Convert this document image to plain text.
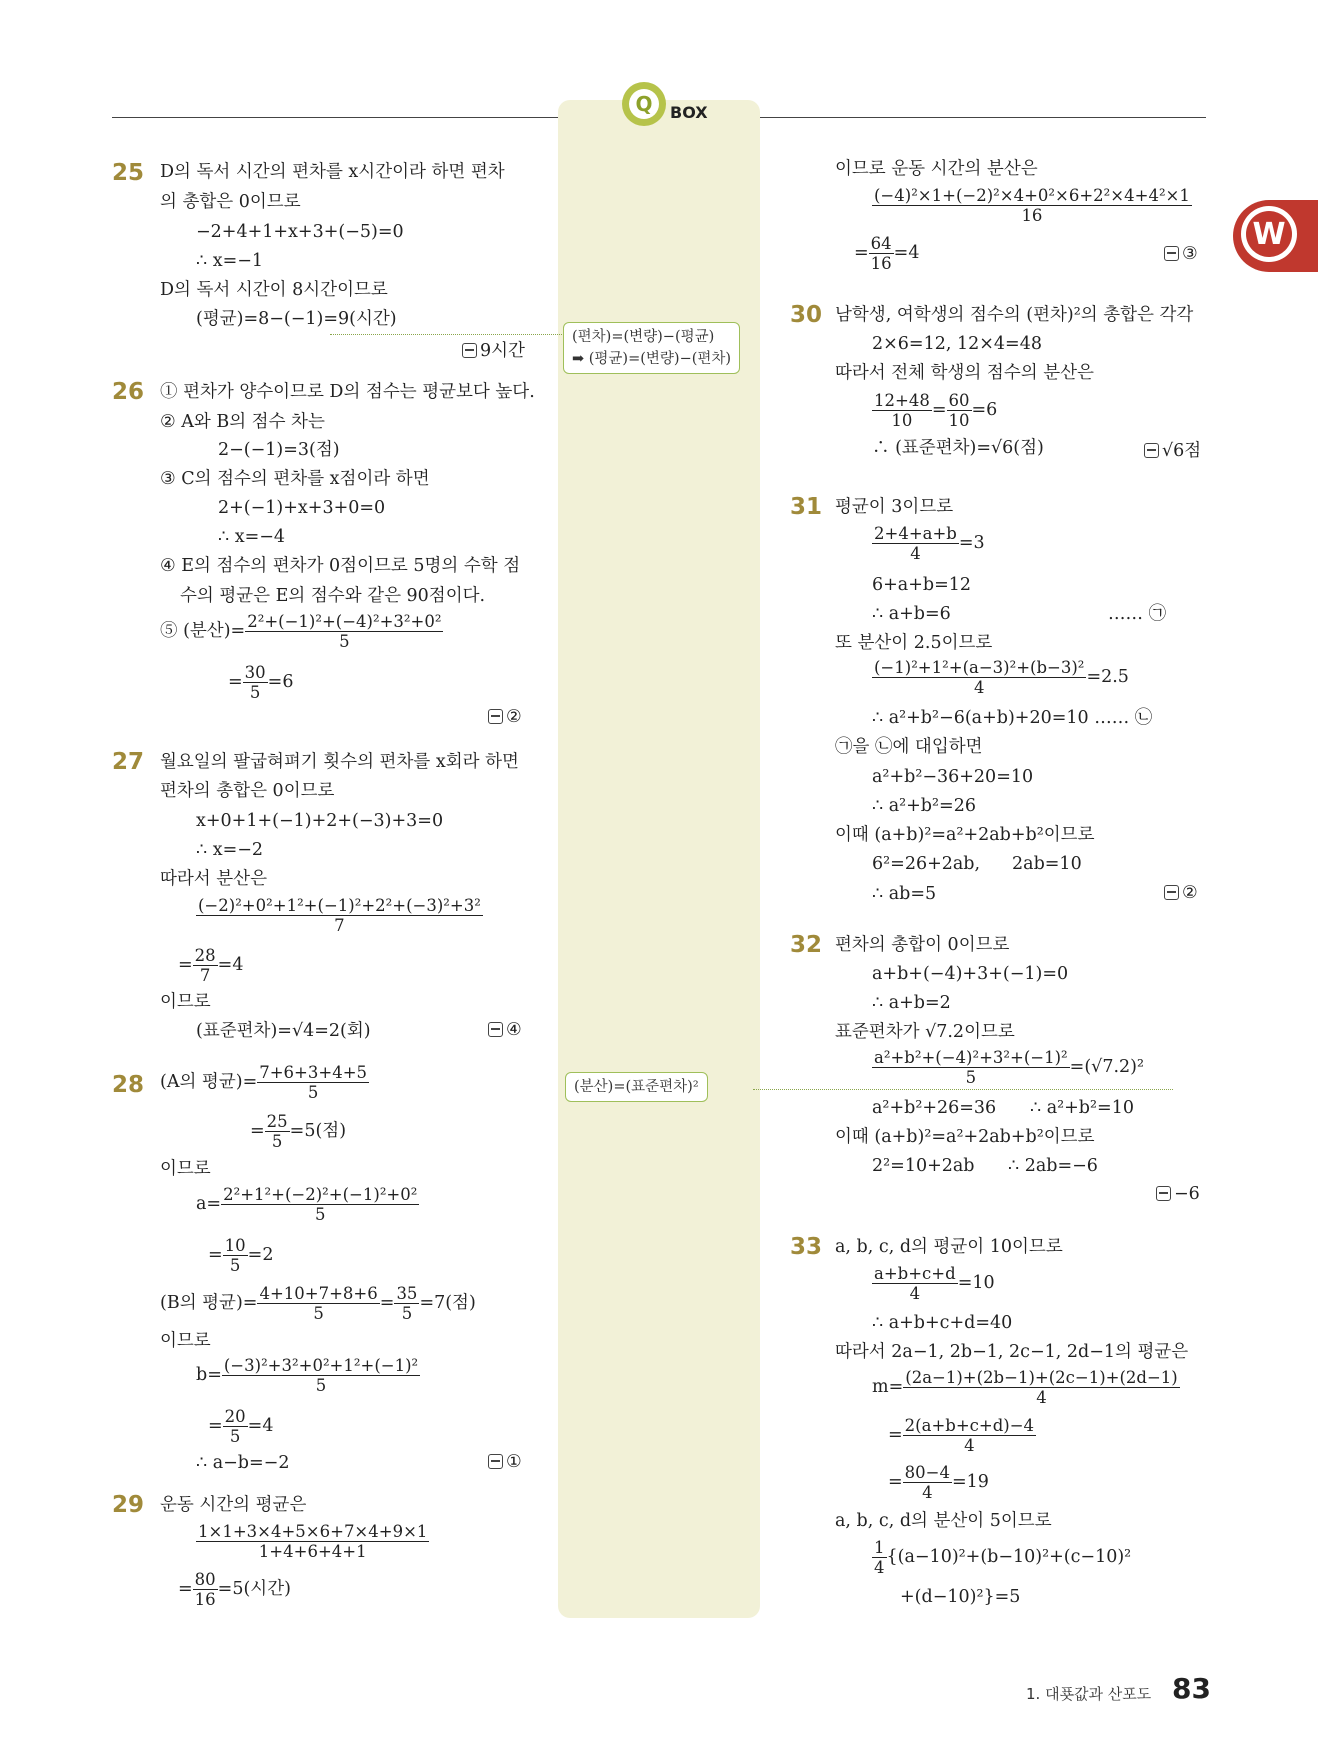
Q	BOX
W
(편차)=(변량)−(평균)
➡ (평균)=(변량)−(편차)
(분산)=(표준편차)²
25 D의 독서 시간의 편차를 x시간이라 하면 편차
의 총합은 0이므로
−2+4+1+x+3+(−5)=0
∴ x=−1
D의 독서 시간이 8시간이므로
(평균)=8−(−1)=9(시간)
9시간
26 ① 편차가 양수이므로 D의 점수는 평균보다 높다.
② A와 B의 점수 차는
2−(−1)=3(점)
③ C의 점수의 편차를 x점이라 하면
2+(−1)+x+3+0=0
∴ x=−4
④ E의 점수의 편차가 0점이므로 5명의 수학 점
수의 평균은 E의 점수와 같은 90점이다.
⑤ (분산)= $\frac{\text{2²+(−1)²+(−4)²+3²+0²}}{5}$
= $\frac{30}{5} =6$
②
27 월요일의 팔굽혀펴기 횟수의 편차를 x회라 하면
편차의 총합은 0이므로
x+0+1+(−1)+2+(−3)+3=0
∴ x=−2
따라서 분산은
$\frac{\text{(−2)²+0²+1²+(−1)²+2²+(−3)²+3²}}{7}$
= $\frac{28}{7} =4$
이므로
(표준편차)=√4=2(회)	④
28 (A의 평균)= $\frac{7+6+3+4+5}{5}$
= $\frac{25}{5} =5$(점)
이므로
$a= \frac{\text{2²+1²+(−2)²+(−1)²+0²}}{5}$
= $\frac{10}{5} =2$
(B의 평균)= $\frac{4+10+7+8+6}{5} = \frac{35}{5} =7$(점)
이므로
$b= \frac{\text{(−3)²+3²+0²+1²+(−1)²}}{5}$
= $\frac{20}{5} =4$
∴ a−b=−2	①
29 운동 시간의 평균은
$\frac{1\times 1+3\times 4+5\times 6+7\times 4+9\times 1}{1+4+6+4+1}$
= $\frac{80}{16} =5$(시간)
이므로 운동 시간의 분산은
$\frac{\text{(−4)²×1+(−2)²×4+0²×6+2²×4+4²×1}}{16}$
= $\frac{64}{16} =4$	③
30 남학생, 여학생의 점수의 (편차)²의 총합은 각각
2×6=12, 12×4=48
따라서 전체 학생의 점수의 분산은
$\frac{12+48}{10} = \frac{60}{10} =6$
∴ (표준편차)=√6(점)	√6점
31 평균이 3이므로
$\frac{2+4+a+b}{4} =3$
6+a+b=12
∴ a+b=6	…… ㉠
또 분산이 2.5이므로
$\frac{\text{(−1)²+1²+(a−3)²+(b−3)²}}{4} =2.5$
∴ a²+b²−6(a+b)+20=10 …… ㉡
㉠을 ㉡에 대입하면
a²+b²−36+20=10
∴ a²+b²=26
이때 (a+b)²=a²+2ab+b²이므로
6²=26+2ab, 2ab=10
∴ ab=5	②
32 편차의 총합이 0이므로
a+b+(−4)+3+(−1)=0
∴ a+b=2
표준편차가 √7.2이므로
$\frac{\text{a²+b²+(−4)²+3²+(−1)²}}{5} =(√7.2)^2$
a²+b²+26=36 ∴ a²+b²=10
이때 (a+b)²=a²+2ab+b²이므로
2²=10+2ab ∴ 2ab=−6
−6
33 a, b, c, d의 평균이 10이므로
$\frac{a+b+c+d}{4} =10$
∴ a+b+c+d=40
따라서 2a−1, 2b−1, 2c−1, 2d−1의 평균은
$m= \frac{(2a-1)+(2b-1)+(2c-1)+(2d-1)}{4}$
= $\frac{2(a+b+c+d)-4}{4}$
= $\frac{80-4}{4} =19$
a, b, c, d의 분산이 5이므로
$\frac{1}{4} \{(a-10)^2+(b-10)^2+(c-10)^2$
+(d−10)²}=5
1. 대푯값과 산포도 83
